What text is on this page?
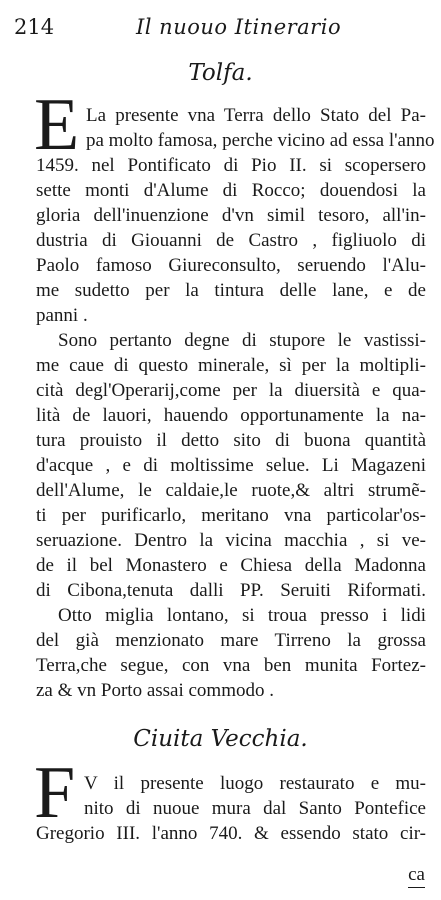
214	Il nuouo Itinerario
Tolfa.
E La presente vna Terra dello Stato del Pa-
pa molto famosa, perche vicino ad essa l'anno
1459. nel Pontificato di Pio II. si scopersero
sette monti d'Alume di Rocco; douendosi la
gloria dell'inuenzione d'vn simil tesoro, all'in-
dustria di Giouanni de Castro , figliuolo di
Paolo famoso Giureconsulto, seruendo l'Alu-
me sudetto per la tintura delle lane, e de
panni .
Sono pertanto degne di stupore le vastissi-
me caue di questo minerale, sì per la moltipli-
cità degl'Operarij,come per la diuersità e qua-
lità de lauori, hauendo opportunamente la na-
tura prouisto il detto sito di buona quantità
d'acque , e di moltissime selue. Li Magazeni
dell'Alume, le caldaie,le ruote,& altri strumẽ-
ti per purificarlo, meritano vna particolar'os-
seruazione. Dentro la vicina macchia , si ve-
de il bel Monastero e Chiesa della Madonna
di Cibona,tenuta dalli PP. Seruiti Riformati.
Otto miglia lontano, si troua presso i lidi
del già menzionato mare Tirreno la grossa
Terra,che segue, con vna ben munita Fortez-
za & vn Porto assai commodo .
Ciuita Vecchia.
F V il presente luogo restaurato e mu-
nito di nuoue mura dal Santo Pontefice
Gregorio III. l'anno 740. & essendo stato cir-
ca
